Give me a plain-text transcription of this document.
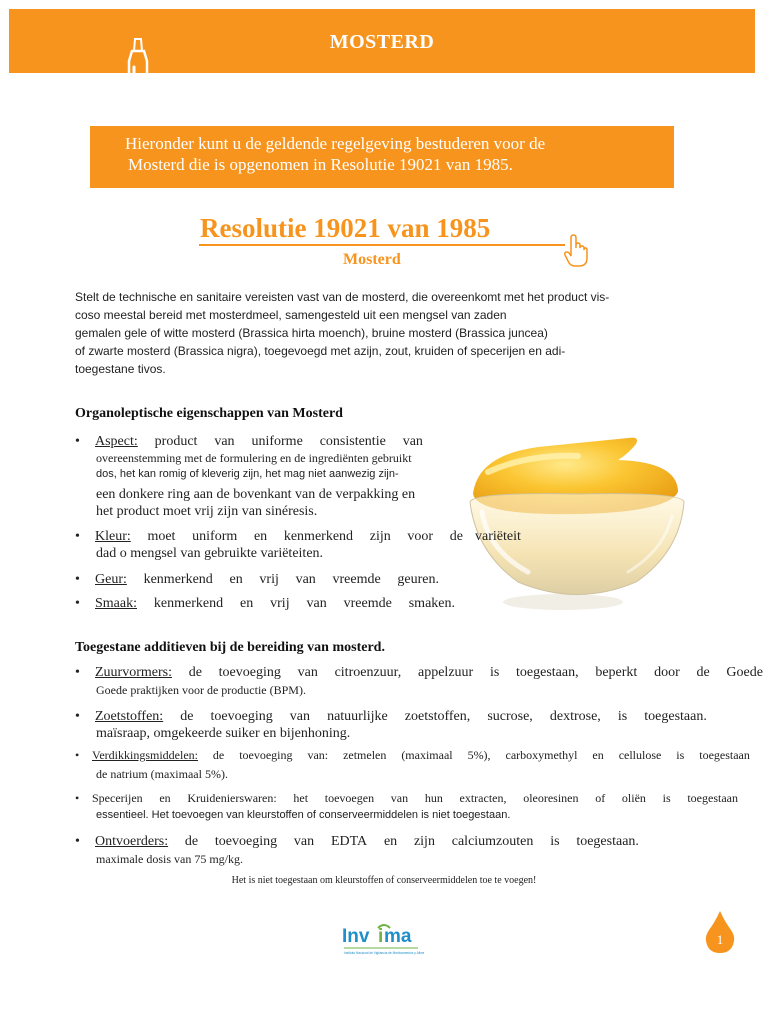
MOSTERD
Hieronder kunt u de geldende regelgeving bestuderen voor de
Mosterd die is opgenomen in Resolutie 19021 van 1985.
Resolutie 19021 van 1985
Mosterd
Stelt de technische en sanitaire vereisten vast van de mosterd, die overeenkomt met het product vis-
coso meestal bereid met mosterdmeel, samengesteld uit een mengsel van zaden
gemalen gele of witte mosterd (Brassica hirta moench), bruine mosterd (Brassica juncea)
of zwarte mosterd (Brassica nigra), toegevoegd met azijn, zout, kruiden of specerijen en adi-
toegestane tivos.
Organoleptische eigenschappen van Mosterd
• Aspect: product van uniforme consistentie van
overeenstemming met de formulering en de ingrediënten gebruikt
dos, het kan romig of kleverig zijn, het mag niet aanwezig zijn-
een donkere ring aan de bovenkant van de verpakking en
het product moet vrij zijn van sinéresis.
• Kleur: moet uniform en kenmerkend zijn voor de
dad o mengsel van gebruikte variëteiten.
• Geur: kenmerkend en vrij van vreemde geuren.
• Smaak: kenmerkend en vrij van vreemde smaken.
Toegestane additieven bij de bereiding van mosterd.
• Zuurvormers: de toevoeging van citroenzuur, appelzuur is toegestaan, beperkt door de Goede
Goede praktijken voor de productie (BPM).
• Zoetstoffen: de toevoeging van natuurlijke zoetstoffen, sucrose, dextrose, is toegestaan.
maïsraap, omgekeerde suiker en bijenhoning.
• Verdikkingsmiddelen: de toevoeging van: zetmelen (maximaal 5%), carboxymethyl en cellulose is toegestaan
de natrium (maximaal 5%).
• Specerijen en Kruidenierswaren: het toevoegen van hun extracten, oleoresinen of oliën is toegestaan
essentieel. Het toevoegen van kleurstoffen of conserveermiddelen is niet toegestaan.
• Ontvoerders: de toevoeging van EDTA en zijn calciumzouten is toegestaan.
maximale dosis van 75 mg/kg.
Het is niet toegestaan om kleurstoffen of conserveermiddelen toe te voegen!
Inv i ma
Instituto Nacional de Vigilancia de Medicamentos y Alimentos
1
variëteit
